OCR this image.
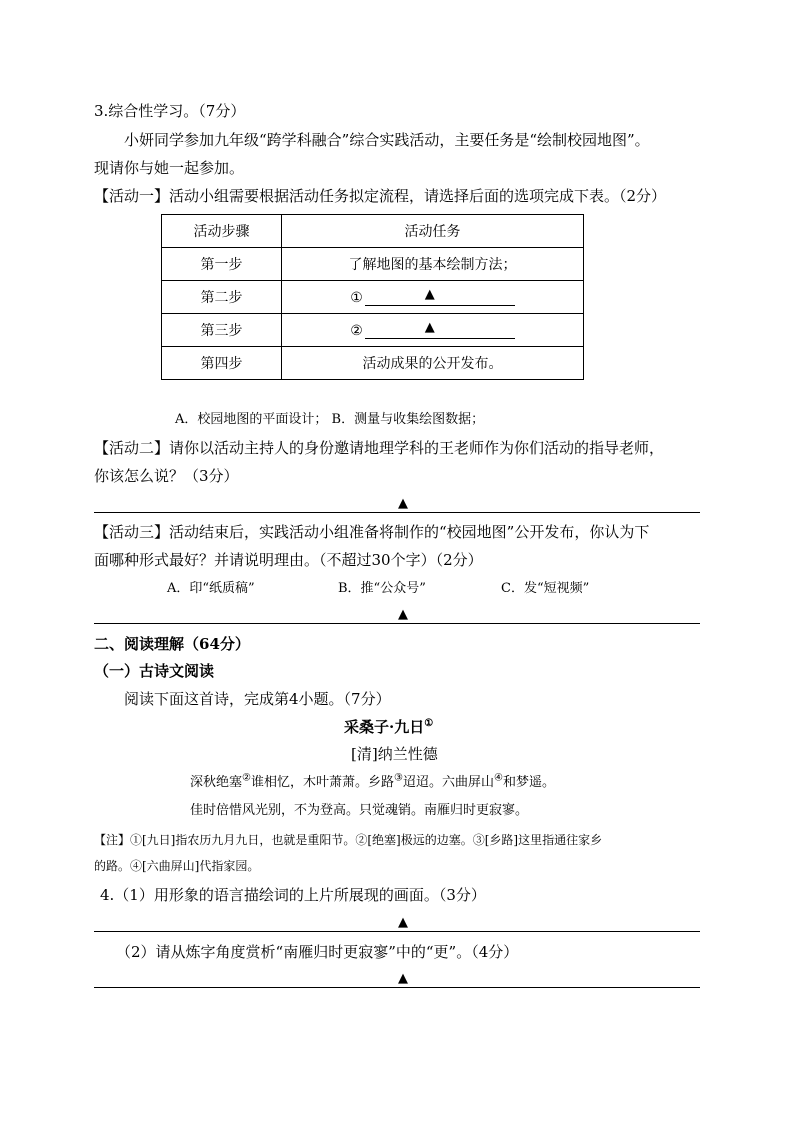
3.综合性学习。（7分）
小妍同学参加九年级“跨学科融合”综合实践活动，主要任务是“绘制校园地图”。
现请你与她一起参加。
【活动一】活动小组需要根据活动任务拟定流程，请选择后面的选项完成下表。（2分）
活动步骤	活动任务
第一步	了解地图的基本绘制方法；
第二步	① ▲

第三步	② ▲

第四步	活动成果的公开发布。
A．校园地图的平面设计； B．测量与收集绘图数据；
【活动二】请你以活动主持人的身份邀请地理学科的王老师作为你们活动的指导老师，
你该怎么说？（3分）
▲
【活动三】活动结束后，实践活动小组准备将制作的“校园地图”公开发布，你认为下
面哪种形式最好？并请说明理由。（不超过30个字）（2分）
A．印“纸质稿”	B．推“公众号”	C．发“短视频”
▲
二、阅读理解（64分）
（一）古诗文阅读
阅读下面这首诗，完成第4小题。（7分）
采桑子·九日①
[清]纳兰性德
深秋绝塞②谁相忆，木叶萧萧。乡路③迢迢。六曲屏山④和梦遥。
佳时倍惜风光别，不为登高。只觉魂销。南雁归时更寂寥。
【注】①[九日]指农历九月九日，也就是重阳节。②[绝塞]极远的边塞。③[乡路]这里指通往家乡
的路。④[六曲屏山]代指家园。
4.（1）用形象的语言描绘词的上片所展现的画面。（3分）
▲
（2）请从炼字角度赏析“南雁归时更寂寥”中的“更”。（4分）
▲
